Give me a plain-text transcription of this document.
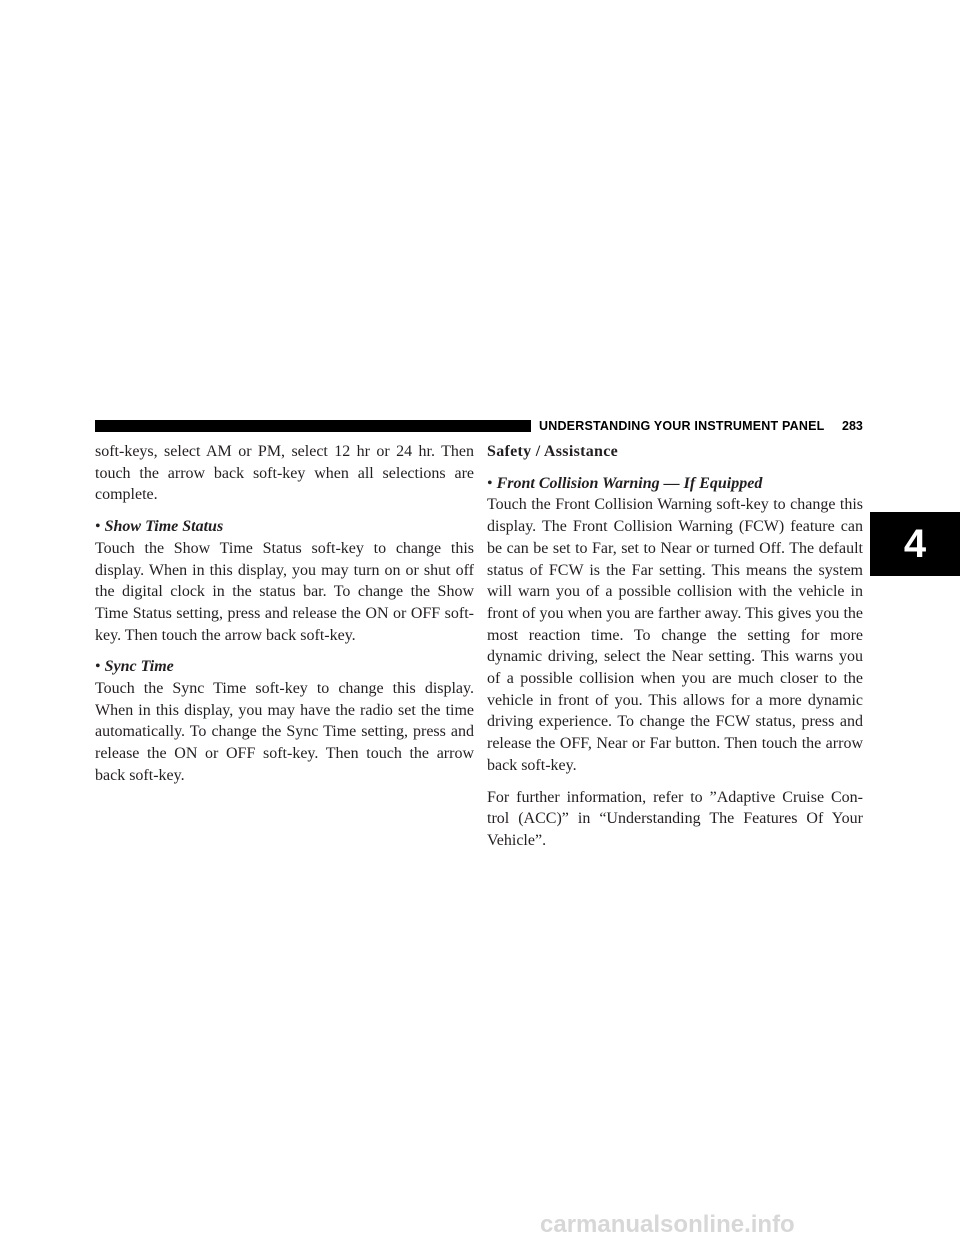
UNDERSTANDING YOUR INSTRUMENT PANEL 283
4

soft-keys, select AM or PM, select 12 hr or 24 hr. Then touch the arrow back soft-key when all selections are complete.

• Show Time Status

Touch the Show Time Status soft-key to change this display. When in this display, you may turn on or shut off the digital clock in the status bar. To change the Show Time Status setting, press and release the ON or OFF soft-key. Then touch the arrow back soft-key.

• Sync Time

Touch the Sync Time soft-key to change this display. When in this display, you may have the radio set the time automatically. To change the Sync Time setting, press and release the ON or OFF soft-key. Then touch the arrow back soft-key.

Safety / Assistance

• Front Collision Warning — If Equipped

Touch the Front Collision Warning soft-key to change this display. The Front Collision Warning (FCW) feature can be can be set to Far, set to Near or turned Off. The default status of FCW is the Far setting. This means the system will warn you of a possible collision with the vehicle in front of you when you are farther away. This gives you the most reaction time. To change the setting for more dynamic driving, select the Near setting. This warns you of a possible collision when you are much closer to the vehicle in front of you. This allows for a more dynamic driving experience. To change the FCW status, press and release the OFF, Near or Far button. Then touch the arrow back soft-key.

For further information, refer to ”Adaptive Cruise Con-trol (ACC)” in “Understanding The Features Of Your Vehicle”.

carmanualsonline.info
